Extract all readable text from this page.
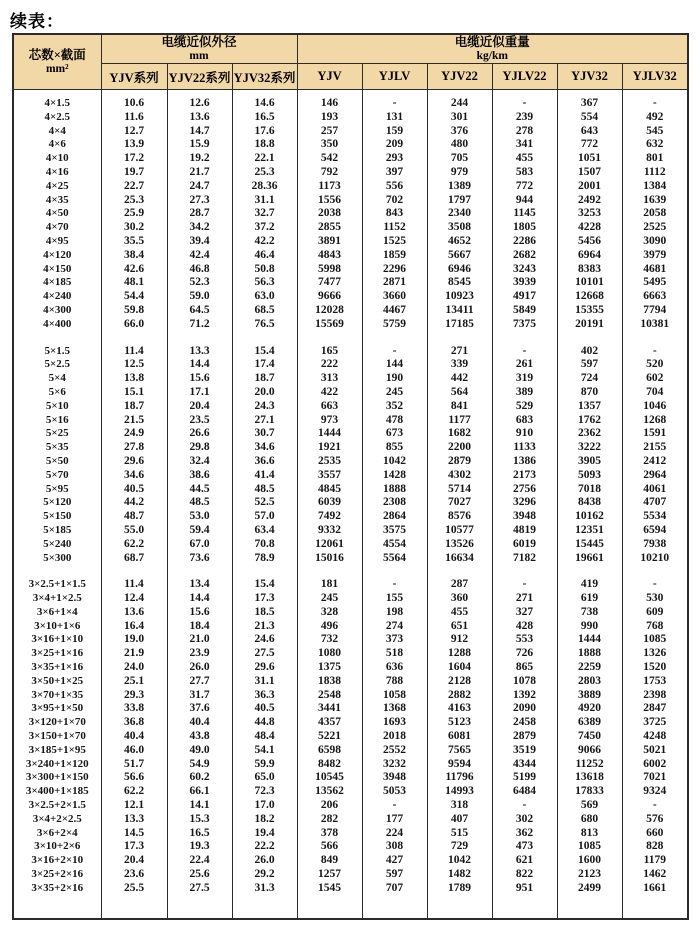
续表：
芯数×截面
mm²

电缆近似外径
mm

电缆近似重量
kg/km

	YJV系列	YJV22系列	YJV32系列	YJV	YJLV	YJV22	YJLV22	YJV32	YJLV32

4×1.5	10.6	12.6	14.6	146	-	244	-	367	-
4×2.5	11.6	13.6	16.5	193	131	301	239	554	492
4×4	12.7	14.7	17.6	257	159	376	278	643	545
4×6	13.9	15.9	18.8	350	209	480	341	772	632
4×10	17.2	19.2	22.1	542	293	705	455	1051	801
4×16	19.7	21.7	25.3	792	397	979	583	1507	1112
4×25	22.7	24.7	28.36	1173	556	1389	772	2001	1384
4×35	25.3	27.3	31.1	1556	702	1797	944	2492	1639
4×50	25.9	28.7	32.7	2038	843	2340	1145	3253	2058
4×70	30.2	34.2	37.2	2855	1152	3508	1805	4228	2525
4×95	35.5	39.4	42.2	3891	1525	4652	2286	5456	3090
4×120	38.4	42.4	46.4	4843	1859	5667	2682	6964	3979
4×150	42.6	46.8	50.8	5998	2296	6946	3243	8383	4681
4×185	48.1	52.3	56.3	7477	2871	8545	3939	10101	5495
4×240	54.4	59.0	63.0	9666	3660	10923	4917	12668	6663
4×300	59.8	64.5	68.5	12028	4467	13411	5849	15355	7794
4×400	66.0	71.2	76.5	15569	5759	17185	7375	20191	10381

5×1.5	11.4	13.3	15.4	165	-	271	-	402	-
5×2.5	12.5	14.4	17.4	222	144	339	261	597	520
5×4	13.8	15.6	18.7	313	190	442	319	724	602
5×6	15.1	17.1	20.0	422	245	564	389	870	704
5×10	18.7	20.4	24.3	663	352	841	529	1357	1046
5×16	21.5	23.5	27.1	973	478	1177	683	1762	1268
5×25	24.9	26.6	30.7	1444	673	1682	910	2362	1591
5×35	27.8	29.8	34.6	1921	855	2200	1133	3222	2155
5×50	29.6	32.4	36.6	2535	1042	2879	1386	3905	2412
5×70	34.6	38.6	41.4	3557	1428	4302	2173	5093	2964
5×95	40.5	44.5	48.5	4845	1888	5714	2756	7018	4061
5×120	44.2	48.5	52.5	6039	2308	7027	3296	8438	4707
5×150	48.7	53.0	57.0	7492	2864	8576	3948	10162	5534
5×185	55.0	59.4	63.4	9332	3575	10577	4819	12351	6594
5×240	62.2	67.0	70.8	12061	4554	13526	6019	15445	7938
5×300	68.7	73.6	78.9	15016	5564	16634	7182	19661	10210

3×2.5+1×1.5	11.4	13.4	15.4	181	-	287	-	419	-
3×4+1×2.5	12.4	14.4	17.3	245	155	360	271	619	530
3×6+1×4	13.6	15.6	18.5	328	198	455	327	738	609
3×10+1×6	16.4	18.4	21.3	496	274	651	428	990	768
3×16+1×10	19.0	21.0	24.6	732	373	912	553	1444	1085
3×25+1×16	21.9	23.9	27.5	1080	518	1288	726	1888	1326
3×35+1×16	24.0	26.0	29.6	1375	636	1604	865	2259	1520
3×50+1×25	25.1	27.7	31.1	1838	788	2128	1078	2803	1753
3×70+1×35	29.3	31.7	36.3	2548	1058	2882	1392	3889	2398
3×95+1×50	33.8	37.6	40.5	3441	1368	4163	2090	4920	2847
3×120+1×70	36.8	40.4	44.8	4357	1693	5123	2458	6389	3725
3×150+1×70	40.4	43.8	48.4	5221	2018	6081	2879	7450	4248
3×185+1×95	46.0	49.0	54.1	6598	2552	7565	3519	9066	5021
3×240+1×120	51.7	54.9	59.9	8482	3232	9594	4344	11252	6002
3×300+1×150	56.6	60.2	65.0	10545	3948	11796	5199	13618	7021
3×400+1×185	62.2	66.1	72.3	13562	5053	14993	6484	17833	9324
3×2.5+2×1.5	12.1	14.1	17.0	206	-	318	-	569	-
3×4+2×2.5	13.3	15.3	18.2	282	177	407	302	680	576
3×6+2×4	14.5	16.5	19.4	378	224	515	362	813	660
3×10+2×6	17.3	19.3	22.2	566	308	729	473	1085	828
3×16+2×10	20.4	22.4	26.0	849	427	1042	621	1600	1179
3×25+2×16	23.6	25.6	29.2	1257	597	1482	822	2123	1462
3×35+2×16	25.5	27.5	31.3	1545	707	1789	951	2499	1661
